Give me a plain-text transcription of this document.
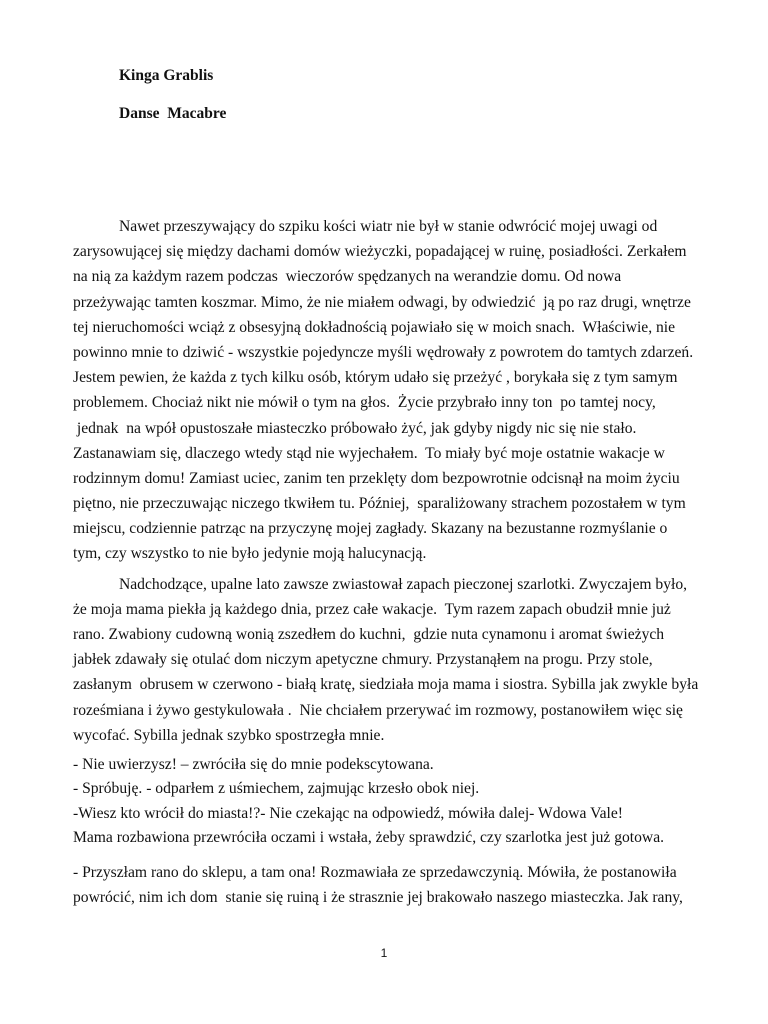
Kinga Grablis

Danse  Macabre

Nawet przeszywający do szpiku kości wiatr nie był w stanie odwrócić mojej uwagi od
zarysowującej się między dachami domów wieżyczki, popadającej w ruinę, posiadłości. Zerkałem
na nią za każdym razem podczas  wieczorów spędzanych na werandzie domu. Od nowa
przeżywając tamten koszmar. Mimo, że nie miałem odwagi, by odwiedzić  ją po raz drugi, wnętrze
tej nieruchomości wciąż z obsesyjną dokładnością pojawiało się w moich snach.  Właściwie, nie
powinno mnie to dziwić - wszystkie pojedyncze myśli wędrowały z powrotem do tamtych zdarzeń.
Jestem pewien, że każda z tych kilku osób, którym udało się przeżyć , borykała się z tym samym
problemem. Chociaż nikt nie mówił o tym na głos.  Życie przybrało inny ton  po tamtej nocy,
jednak  na wpół opustoszałe miasteczko próbowało żyć, jak gdyby nigdy nic się nie stało.
Zastanawiam się, dlaczego wtedy stąd nie wyjechałem.  To miały być moje ostatnie wakacje w
rodzinnym domu! Zamiast uciec, zanim ten przeklęty dom bezpowrotnie odcisnął na moim życiu
piętno, nie przeczuwając niczego tkwiłem tu. Później,  sparaliżowany strachem pozostałem w tym
miejscu, codziennie patrząc na przyczynę mojej zagłady. Skazany na bezustanne rozmyślanie o
tym, czy wszystko to nie było jedynie moją halucynacją.
Nadchodzące, upalne lato zawsze zwiastował zapach pieczonej szarlotki. Zwyczajem było,
że moja mama piekła ją każdego dnia, przez całe wakacje.  Tym razem zapach obudził mnie już
rano. Zwabiony cudowną wonią zszedłem do kuchni,  gdzie nuta cynamonu i aromat świeżych
jabłek zdawały się otulać dom niczym apetyczne chmury. Przystanąłem na progu. Przy stole,
zasłanym  obrusem w czerwono - białą kratę, siedziała moja mama i siostra. Sybilla jak zwykle była
roześmiana i żywo gestykulowała .  Nie chciałem przerywać im rozmowy, postanowiłem więc się
wycofać. Sybilla jednak szybko spostrzegła mnie.
- Nie uwierzysz! – zwróciła się do mnie podekscytowana.
- Spróbuję. - odparłem z uśmiechem, zajmując krzesło obok niej.
-Wiesz kto wrócił do miasta!?- Nie czekając na odpowiedź, mówiła dalej- Wdowa Vale!
Mama rozbawiona przewróciła oczami i wstała, żeby sprawdzić, czy szarlotka jest już gotowa.
- Przyszłam rano do sklepu, a tam ona! Rozmawiała ze sprzedawczynią. Mówiła, że postanowiła
powrócić, nim ich dom  stanie się ruiną i że strasznie jej brakowało naszego miasteczka. Jak rany,
1
